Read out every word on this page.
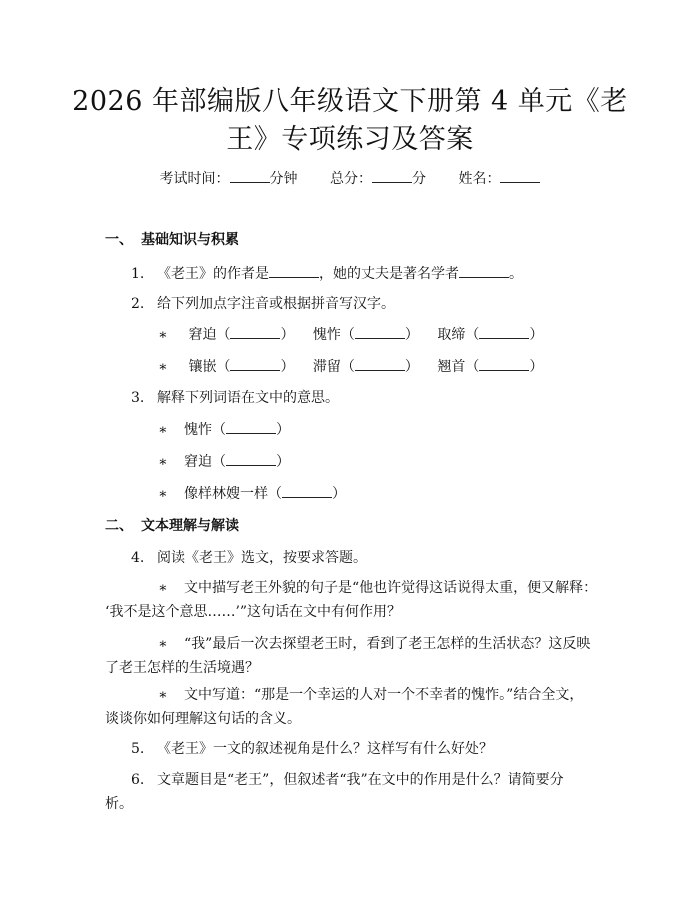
2026 年部编版八年级语文下册第 4 单元《老
王》专项练习及答案
考试时间：	分钟 总分：	分 姓名：
一、 基础知识与积累
1. 《老王》的作者是	，她的丈夫是著名学者	。
2. 给下列加点字注音或根据拼音写汉字。
∗ 窘迫（	） 愧怍（	） 取缔（	）
∗ 镶嵌（	） 滞留（	） 翘首（	）
3. 解释下列词语在文中的意思。
∗ 愧怍（	）
∗ 窘迫（	）
∗ 像样林嫂一样（	）
二、 文本理解与解读
4. 阅读《老王》选文，按要求答题。
∗ 文中描写老王外貌的句子是“他也许觉得这话说得太重，便又解释：
‘我不是这个意思……’”这句话在文中有何作用？
∗ “我”最后一次去探望老王时，看到了老王怎样的生活状态？这反映
了老王怎样的生活境遇？
∗ 文中写道：“那是一个幸运的人对一个不幸者的愧怍。”结合全文，
谈谈你如何理解这句话的含义。
5. 《老王》一文的叙述视角是什么？这样写有什么好处？
6. 文章题目是“老王”，但叙述者“我”在文中的作用是什么？请简要分
析。
